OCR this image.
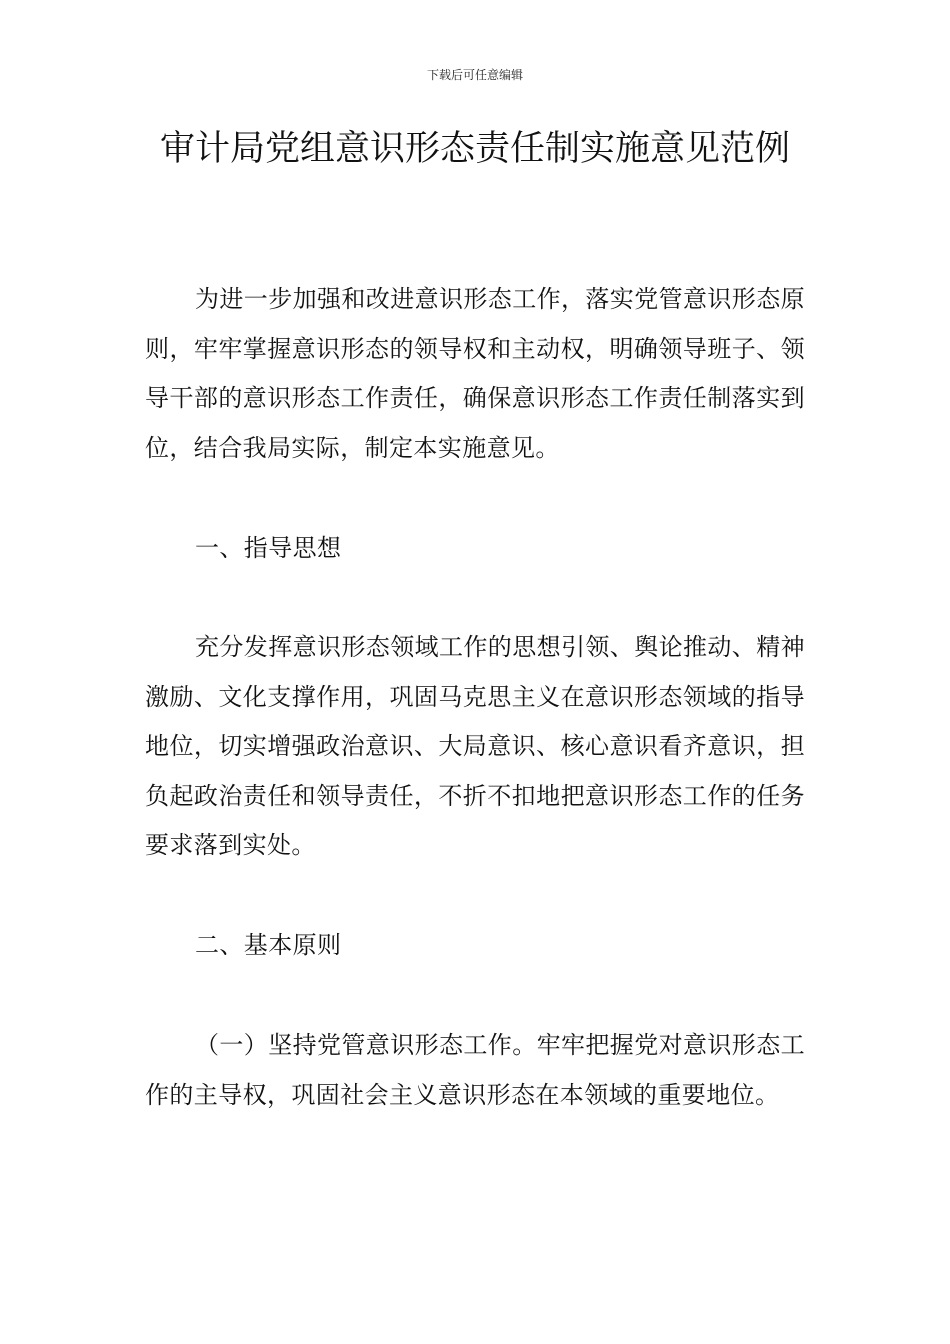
下载后可任意编辑
审计局党组意识形态责任制实施意见范例

为进一步加强和改进意识形态工作，落实党管意识形态原则，牢牢掌握意识形态的领导权和主动权，明确领导班子、领导干部的意识形态工作责任，确保意识形态工作责任制落实到位，结合我局实际，制定本实施意见。

一、指导思想

充分发挥意识形态领域工作的思想引领、舆论推动、精神激励、文化支撑作用，巩固马克思主义在意识形态领域的指导地位，切实增强政治意识、大局意识、核心意识看齐意识，担负起政治责任和领导责任，不折不扣地把意识形态工作的任务要求落到实处。

二、基本原则

（一）坚持党管意识形态工作。牢牢把握党对意识形态工作的主导权，巩固社会主义意识形态在本领域的重要地位。
